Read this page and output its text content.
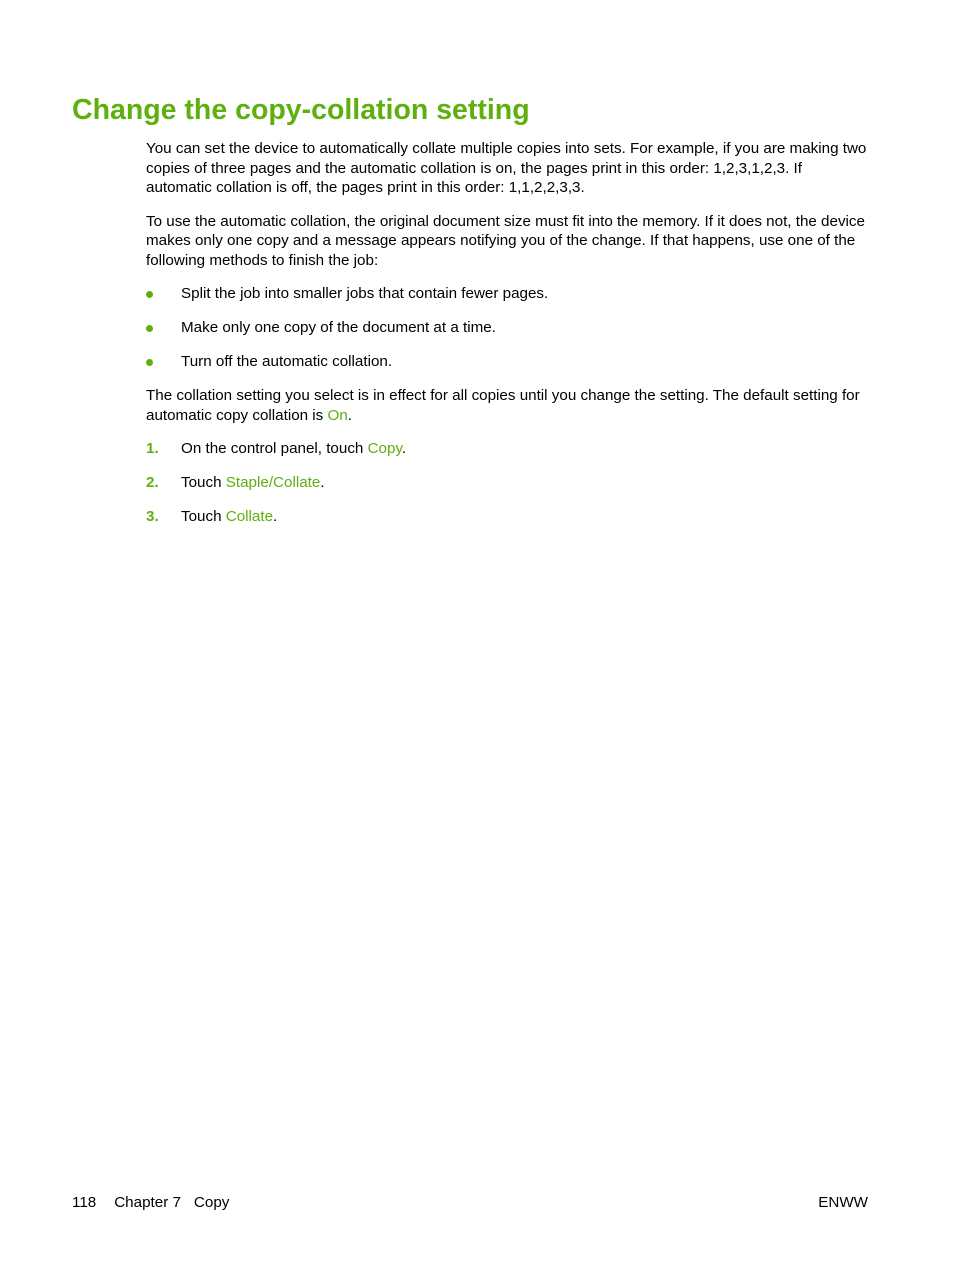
Change the copy-collation setting

You can set the device to automatically collate multiple copies into sets. For example, if you are making two copies of three pages and the automatic collation is on, the pages print in this order: 1,2,3,1,2,3. If automatic collation is off, the pages print in this order: 1,1,2,2,3,3.

To use the automatic collation, the original document size must fit into the memory. If it does not, the device makes only one copy and a message appears notifying you of the change. If that happens, use one of the following methods to finish the job:

Split the job into smaller jobs that contain fewer pages.
Make only one copy of the document at a time.
Turn off the automatic collation.

The collation setting you select is in effect for all copies until you change the setting. The default setting for automatic copy collation is On.

1. On the control panel, touch Copy.
2. Touch Staple/Collate.
3. Touch Collate.
118 Chapter 7 Copy	ENWW
